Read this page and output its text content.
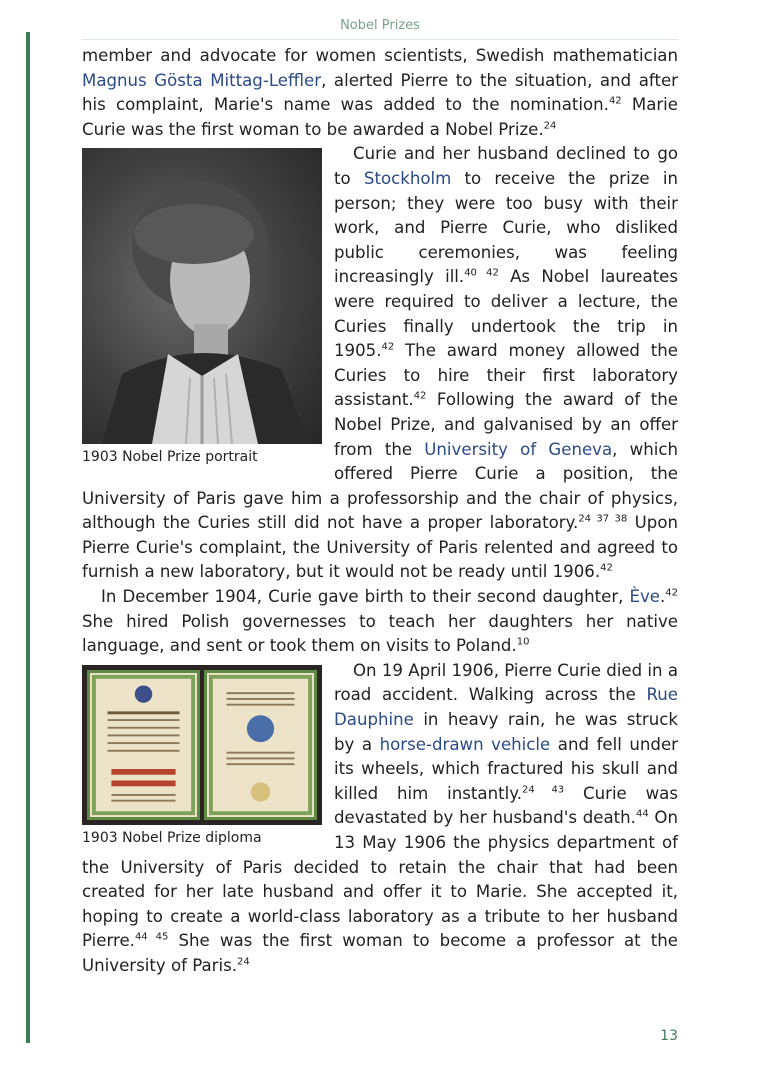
Nobel Prizes

member and advocate for women scientists, Swedish mathematician Magnus Gösta Mittag-Leffler, alerted Pierre to the situation, and after his complaint, Marie's name was added to the nomination.$^{42}$ Marie Curie was the first woman to be awarded a Nobel Prize.$^{24}$

1903 Nobel Prize portrait

Curie and her husband declined to go to Stockholm to receive the prize in person; they were too busy with their work, and Pierre Curie, who disliked public ceremonies, was feeling increasingly ill.$^{40 42}$ As Nobel laureates were required to deliver a lecture, the Curies finally undertook the trip in 1905.42 The award money allowed the Curies to hire their first laboratory assistant.$^{42}$ Following the award of the Nobel Prize, and galvanised by an offer from the University of Geneva, which offered Pierre Curie a position, the University of Paris gave him a professorship and the chair of physics, although the Curies still did not have a proper laboratory.$^{24 37 38}$ Upon Pierre Curie's complaint, the University of Paris relented and agreed to furnish a new laboratory, but it would not be ready until 1906.42

In December 1904, Curie gave birth to their second daughter, Ève.$^{42}$ She hired Polish governesses to teach her daughters her native language, and sent or took them on visits to Poland.$^{10}$

1903 Nobel Prize diploma

On 19 April 1906, Pierre Curie died in a road accident. Walking across the Rue Dauphine in heavy rain, he was struck by a horse-drawn vehicle and fell under its wheels, which fractured his skull and killed him instantly.$^{24 43}$ Curie was devastated by her husband's death.$^{44}$ On 13 May 1906 the physics department of the University of Paris decided to retain the chair that had been created for her late husband and offer it to Marie. She accepted it, hoping to create a world-class laboratory as a tribute to her husband Pierre.$^{44 45}$ She was the first woman to become a professor at the University of Paris.$^{24}$

13
